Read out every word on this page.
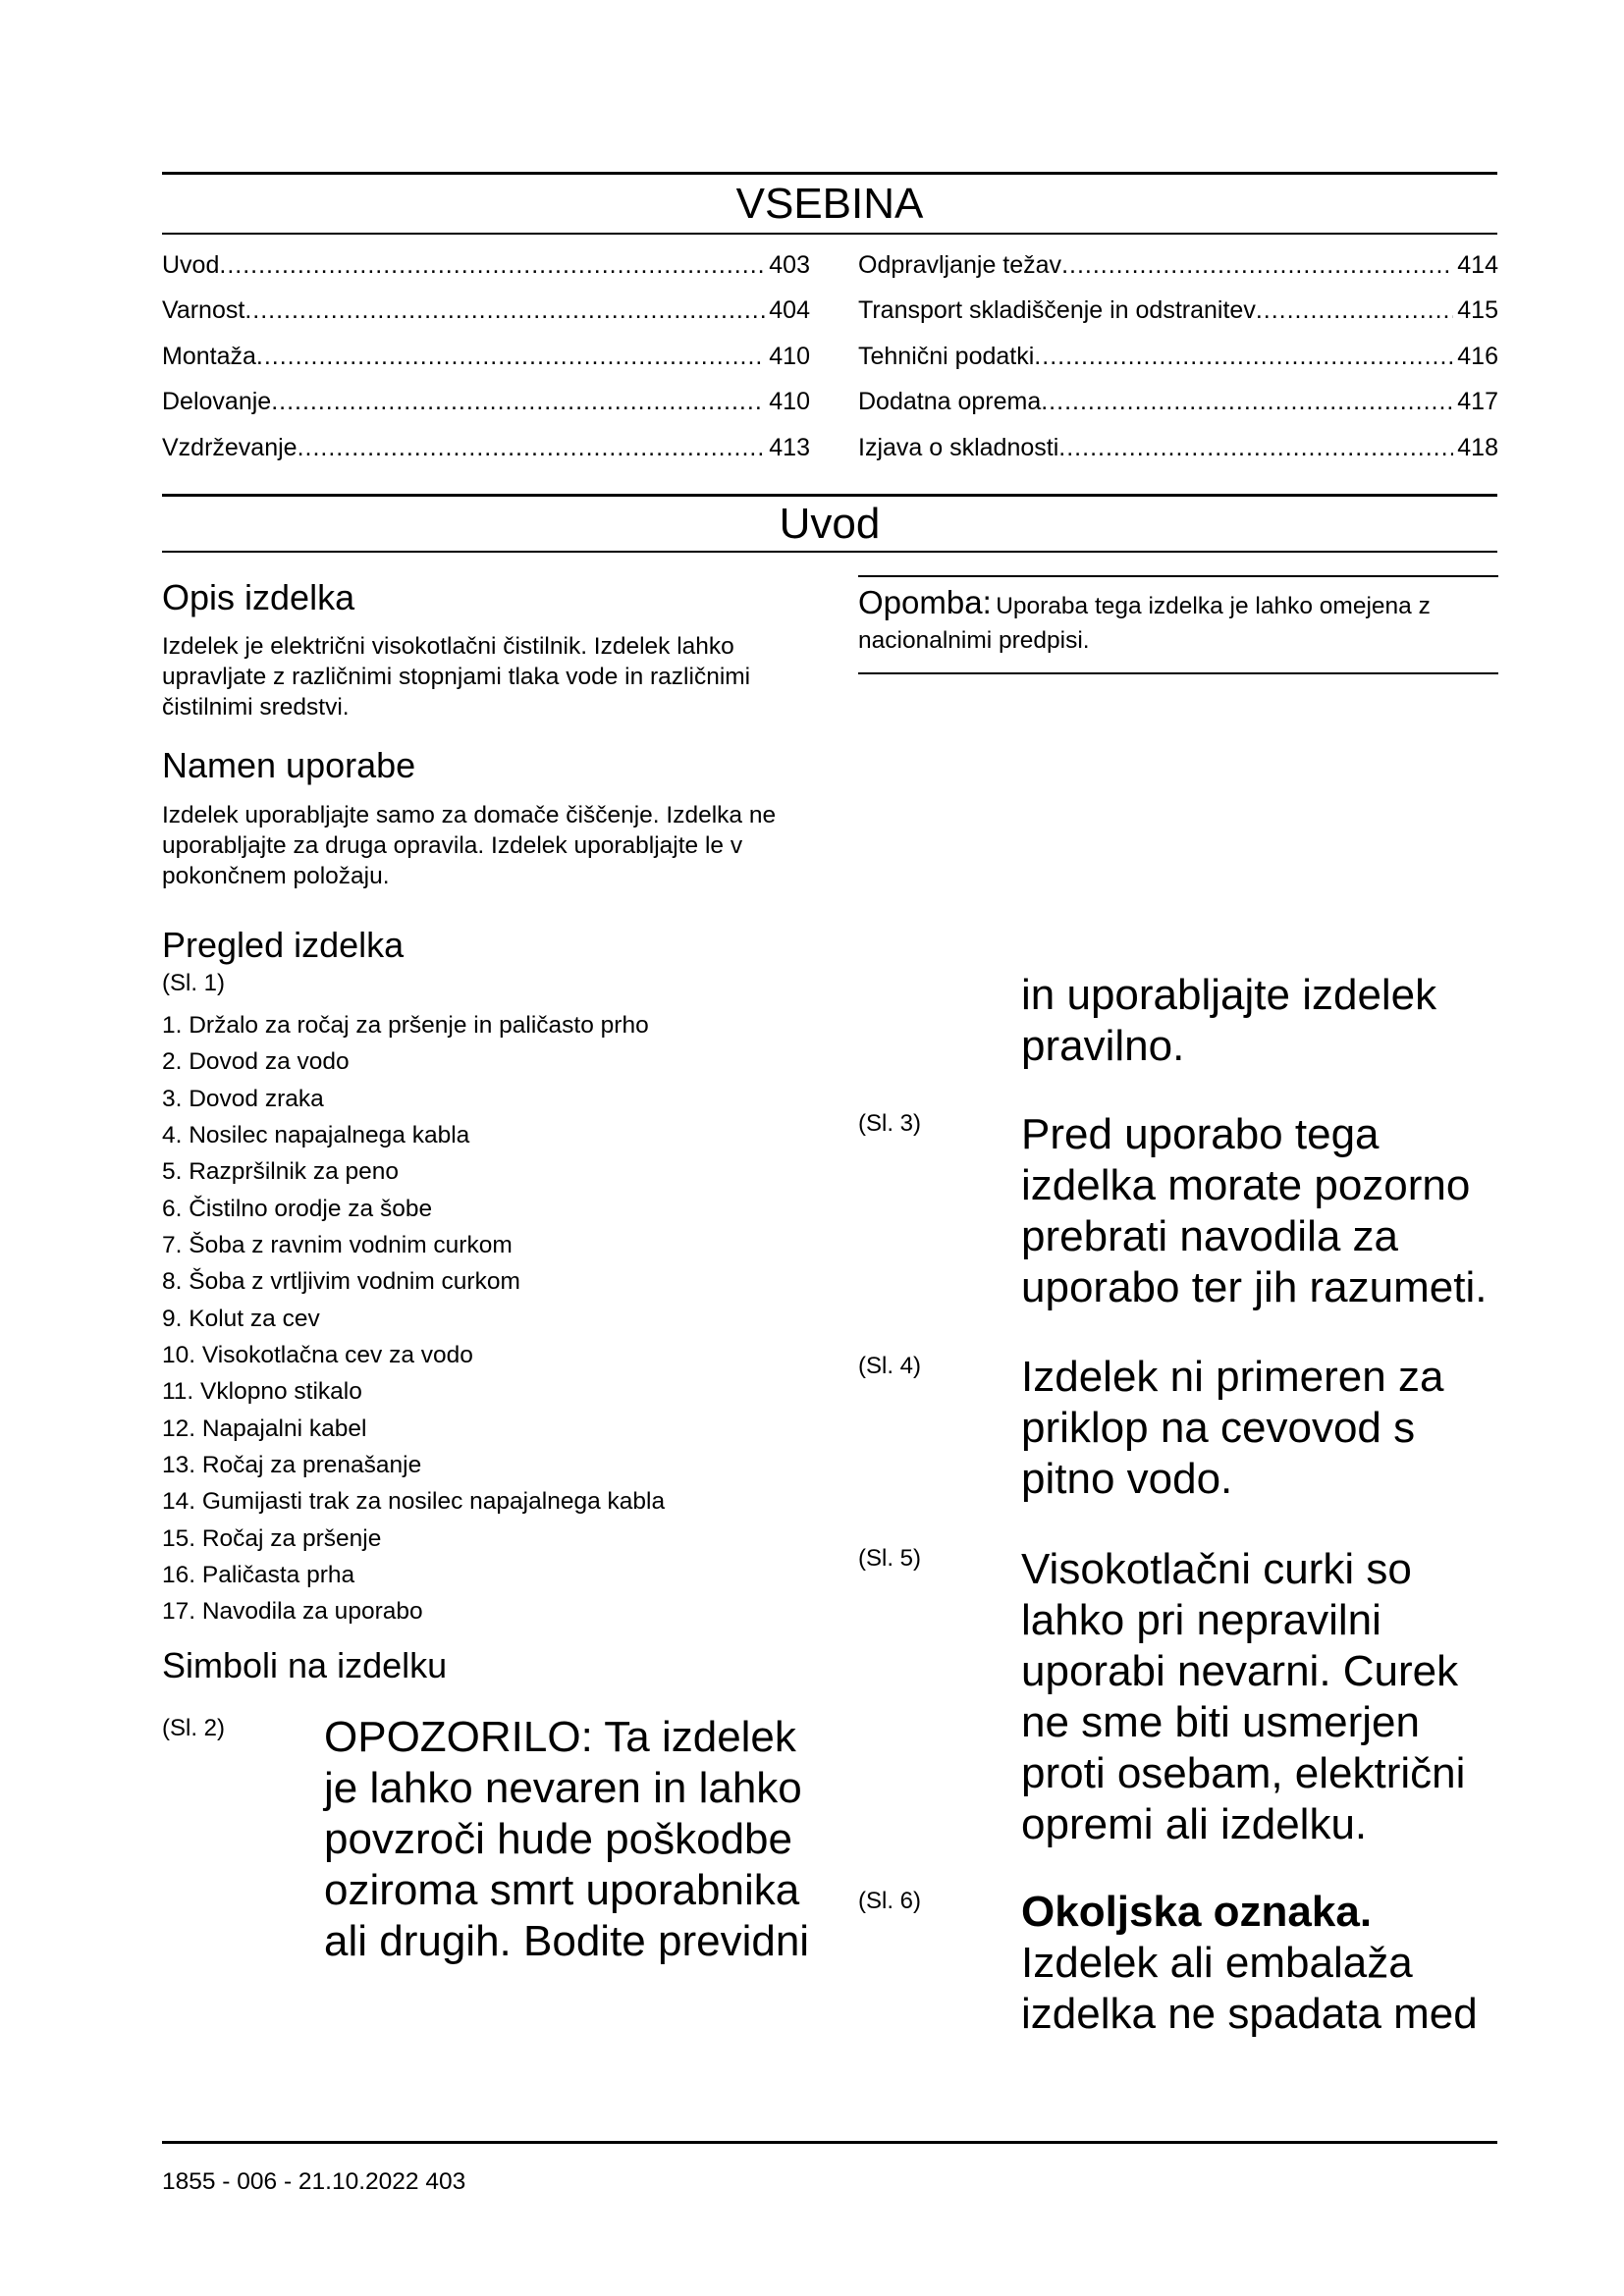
VSEBINA
Uvod .....	403
Varnost .....	404
Montaža .....	410
Delovanje .....	410
Vzdrževanje .....	413
Odpravljanje težav .....	414
Transport skladiščenje in odstranitev .....	415
Tehnični podatki .....	416
Dodatna oprema .....	417
Izjava o skladnosti .....	418
Uvod
Opis izdelka

Izdelek je električni visokotlačni čistilnik. Izdelek lahko upravljate z različnimi stopnjami tlaka vode in različnimi čistilnimi sredstvi.

Namen uporabe

Izdelek uporabljajte samo za domače čiščenje. Izdelka ne uporabljajte za druga opravila. Izdelek uporabljajte le v pokončnem položaju.

Pregled izdelka
(Sl. 1)
1. Držalo za ročaj za pršenje in paličasto prho
2. Dovod za vodo
3. Dovod zraka
4. Nosilec napajalnega kabla
5. Razpršilnik za peno
6. Čistilno orodje za šobe
7. Šoba z ravnim vodnim curkom
8. Šoba z vrtljivim vodnim curkom
9. Kolut za cev
10. Visokotlačna cev za vodo
11. Vklopno stikalo
12. Napajalni kabel
13. Ročaj za prenašanje
14. Gumijasti trak za nosilec napajalnega kabla
15. Ročaj za pršenje
16. Paličasta prha
17. Navodila za uporabo
Simboli na izdelku
(Sl. 2) OPOZORILO: Ta izdelek je lahko nevaren in lahko povzroči hude poškodbe oziroma smrt uporabnika ali drugih. Bodite previdni

Opomba: Uporaba tega izdelka je lahko omejena z nacionalnimi predpisi.

in uporabljajte izdelek pravilno.

(Sl. 3) Pred uporabo tega izdelka morate pozorno prebrati navodila za uporabo ter jih razumeti.

(Sl. 4) Izdelek ni primeren za priklop na cevovod s pitno vodo.

(Sl. 5) Visokotlačni curki so lahko pri nepravilni uporabi nevarni. Curek ne sme biti usmerjen proti osebam, električni opremi ali izdelku.

(Sl. 6) Okoljska oznaka. Izdelek ali embalaža izdelka ne spadata med
1855 - 006 - 21.10.2022 403
